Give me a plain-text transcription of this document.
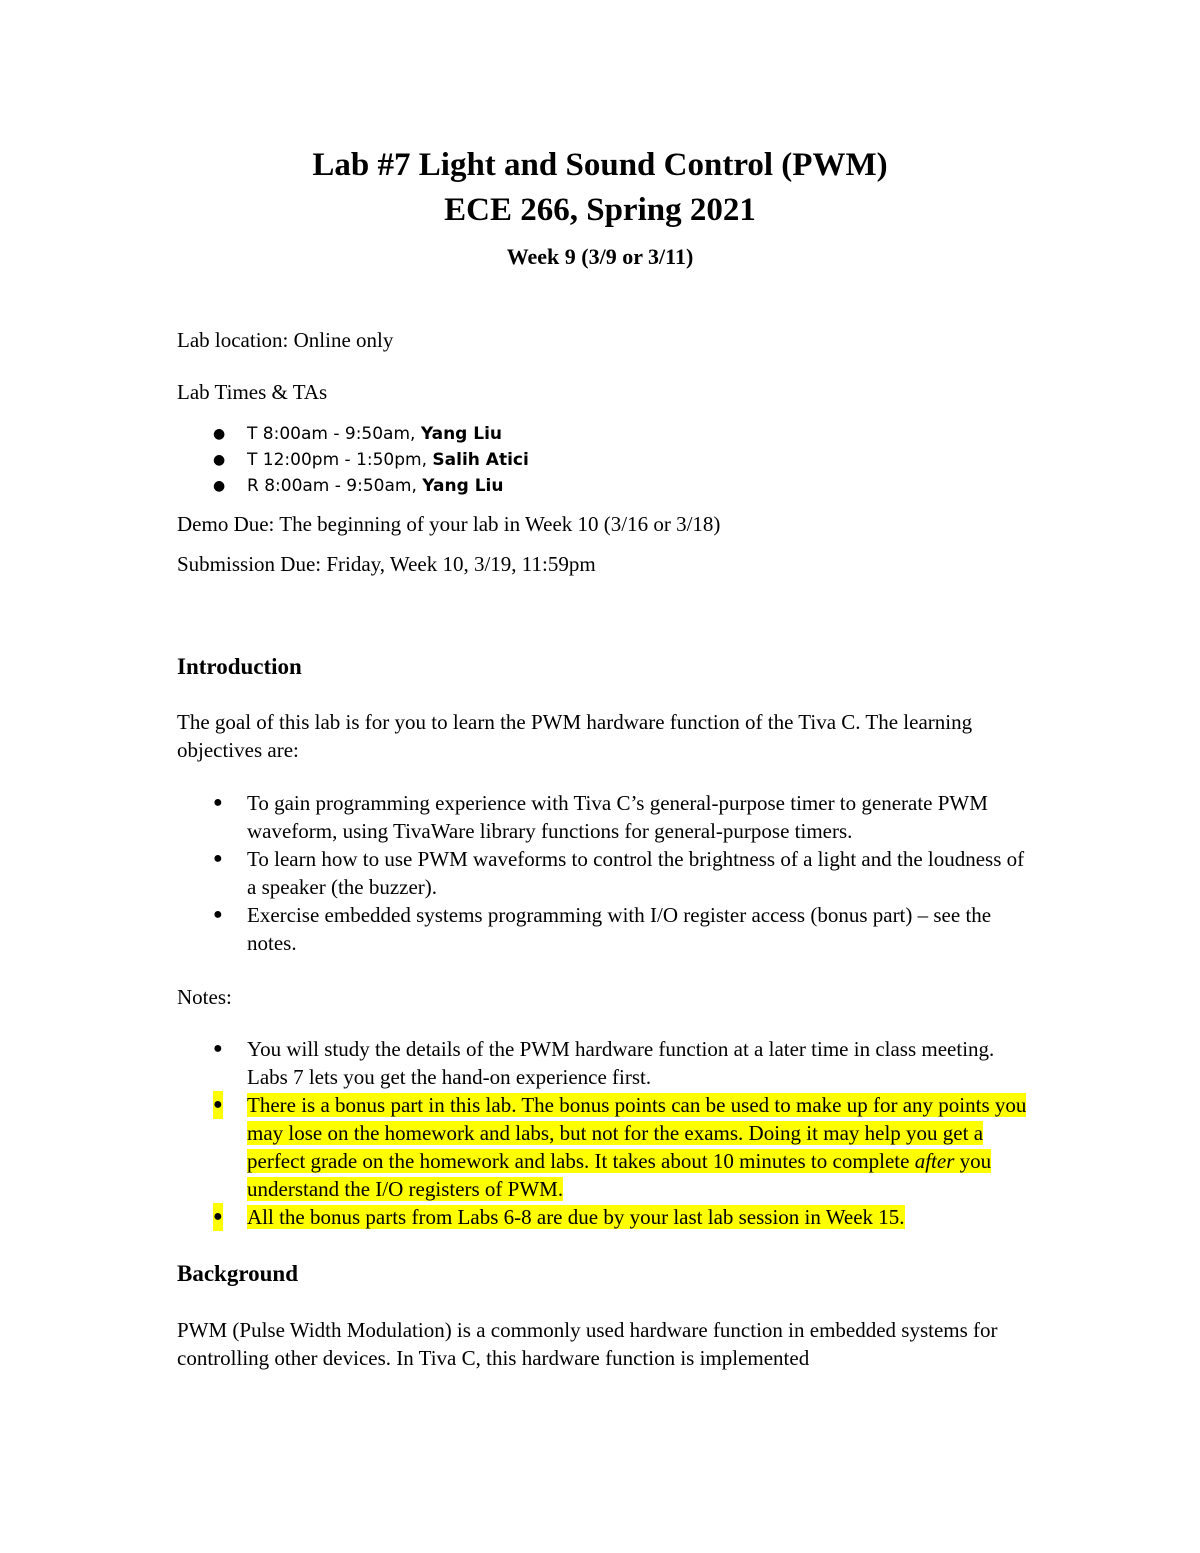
Lab #7 Light and Sound Control (PWM)
ECE 266, Spring 2021
Week 9 (3/9 or 3/11)
Lab location: Online only
Lab Times & TAs
● T 8:00am - 9:50am, Yang Liu
● T 12:00pm - 1:50pm, Salih Atici
● R 8:00am - 9:50am, Yang Liu
Demo Due: The beginning of your lab in Week 10 (3/16 or 3/18)
Submission Due: Friday, Week 10, 3/19, 11:59pm
Introduction
The goal of this lab is for you to learn the PWM hardware function of the Tiva C. The learning objectives are:
● To gain programming experience with Tiva C’s general-purpose timer to generate PWM waveform, using TivaWare library functions for general-purpose timers.
● To learn how to use PWM waveforms to control the brightness of a light and the loudness of a speaker (the buzzer).
● Exercise embedded systems programming with I/O register access (bonus part) – see the notes.
Notes:
● You will study the details of the PWM hardware function at a later time in class meeting. Labs 7 lets you get the hand-on experience first.
● There is a bonus part in this lab. The bonus points can be used to make up for any points you may lose on the homework and labs, but not for the exams. Doing it may help you get a perfect grade on the homework and labs. It takes about 10 minutes to complete after you understand the I/O registers of PWM.
● All the bonus parts from Labs 6-8 are due by your last lab session in Week 15.
Background
PWM (Pulse Width Modulation) is a commonly used hardware function in embedded systems for controlling other devices. In Tiva C, this hardware function is implemented
